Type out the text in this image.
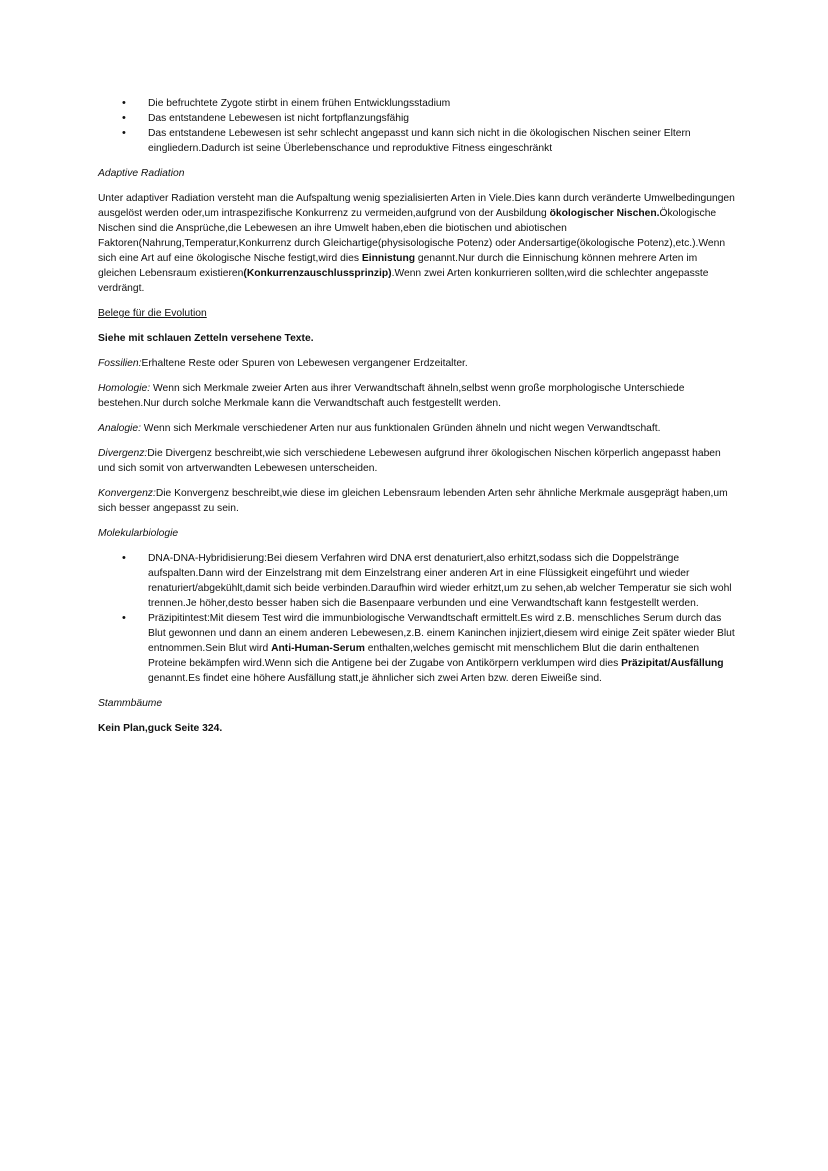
• Die befruchtete Zygote stirbt in einem frühen Entwicklungsstadium
• Das entstandene Lebewesen ist nicht fortpflanzungsfähig
• Das entstandene Lebewesen ist sehr schlecht angepasst und kann sich nicht in die ökologischen Nischen seiner Eltern eingliedern.Dadurch ist seine Überlebenschance und reproduktive Fitness eingeschränkt

Adaptive Radiation

Unter adaptiver Radiation versteht man die Aufspaltung wenig spezialisierten Arten in Viele.Dies kann durch veränderte Umwelbedingungen ausgelöst werden oder,um intraspezifische Konkurrenz zu vermeiden,aufgrund von der Ausbildung ökologischer Nischen.Ökologische Nischen sind die Ansprüche,die Lebewesen an ihre Umwelt haben,eben die biotischen und abiotischen Faktoren(Nahrung,Temperatur,Konkurrenz durch Gleichartige(physisologische Potenz) oder Andersartige(ökologische Potenz),etc.).Wenn sich eine Art auf eine ökologische Nische festigt,wird dies Einnistung genannt.Nur durch die Einnischung können mehrere Arten im gleichen Lebensraum existieren(Konkurrenzauschlussprinzip).Wenn zwei Arten konkurrieren sollten,wird die schlechter angepasste verdrängt.

Belege für die Evolution

Siehe mit schlauen Zetteln versehene Texte.

Fossilien:Erhaltene Reste oder Spuren von Lebewesen vergangener Erdzeitalter.

Homologie: Wenn sich Merkmale zweier Arten aus ihrer Verwandtschaft ähneln,selbst wenn große morphologische Unterschiede bestehen.Nur durch solche Merkmale kann die Verwandtschaft auch festgestellt werden.

Analogie: Wenn sich Merkmale verschiedener Arten nur aus funktionalen Gründen ähneln und nicht wegen Verwandtschaft.

Divergenz:Die Divergenz beschreibt,wie sich verschiedene Lebewesen aufgrund ihrer ökologischen Nischen körperlich angepasst haben und sich somit von artverwandten Lebewesen unterscheiden.

Konvergenz:Die Konvergenz beschreibt,wie diese im gleichen Lebensraum lebenden Arten sehr ähnliche Merkmale ausgeprägt haben,um sich besser angepasst zu sein.

Molekularbiologie

• DNA-DNA-Hybridisierung:Bei diesem Verfahren wird DNA erst denaturiert,also erhitzt,sodass sich die Doppelstränge aufspalten.Dann wird der Einzelstrang mit dem Einzelstrang einer anderen Art in eine Flüssigkeit eingeführt und wieder renaturiert/abgekühlt,damit sich beide verbinden.Daraufhin wird wieder erhitzt,um zu sehen,ab welcher Temperatur sie sich wohl trennen.Je höher,desto besser haben sich die Basenpaare verbunden und eine Verwandtschaft kann festgestellt werden.
• Präzipitintest:Mit diesem Test wird die immunbiologische Verwandtschaft ermittelt.Es wird z.B. menschliches Serum durch das Blut gewonnen und dann an einem anderen Lebewesen,z.B. einem Kaninchen injiziert,diesem wird einige Zeit später wieder Blut entnommen.Sein Blut wird Anti-Human-Serum enthalten,welches gemischt mit menschlichem Blut die darin enthaltenen Proteine bekämpfen wird.Wenn sich die Antigene bei der Zugabe von Antikörpern verklumpen wird dies Präzipitat/Ausfällung genannt.Es findet eine höhere Ausfällung statt,je ähnlicher sich zwei Arten bzw. deren Eiweiße sind.

Stammbäume

Kein Plan,guck Seite 324.
